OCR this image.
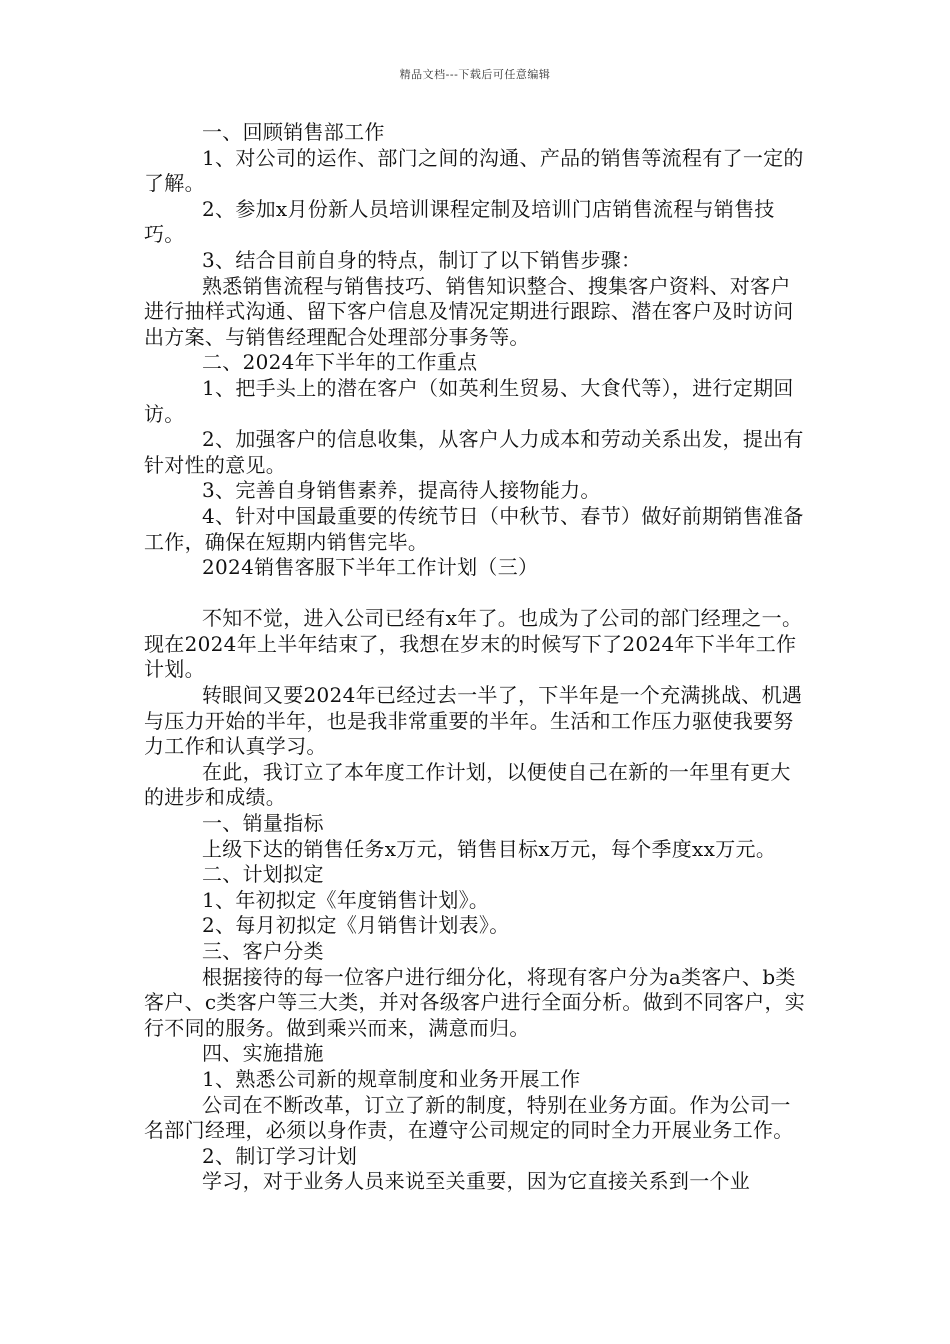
精品文档---下载后可任意编辑

一、回顾销售部工作

1、对公司的运作、部门之间的沟通、产品的销售等流程有了一定的了解。

2、参加x月份新人员培训课程定制及培训门店销售流程与销售技巧。

3、结合目前自身的特点，制订了以下销售步骤：

熟悉销售流程与销售技巧、销售知识整合、搜集客户资料、对客户进行抽样式沟通、留下客户信息及情况定期进行跟踪、潜在客户及时访问出方案、与销售经理配合处理部分事务等。

二、2024年下半年的工作重点

1、把手头上的潜在客户（如英利生贸易、大食代等），进行定期回访。

2、加强客户的信息收集，从客户人力成本和劳动关系出发，提出有针对性的意见。

3、完善自身销售素养，提高待人接物能力。

4、针对中国最重要的传统节日（中秋节、春节）做好前期销售准备工作，确保在短期内销售完毕。

2024销售客服下半年工作计划（三）

不知不觉，进入公司已经有x年了。也成为了公司的部门经理之一。现在2024年上半年结束了，我想在岁末的时候写下了2024年下半年工作计划。

转眼间又要2024年已经过去一半了，下半年是一个充满挑战、机遇与压力开始的半年，也是我非常重要的半年。生活和工作压力驱使我要努力工作和认真学习。

在此，我订立了本年度工作计划，以便使自己在新的一年里有更大的进步和成绩。

一、销量指标

上级下达的销售任务x万元，销售目标x万元，每个季度xx万元。

二、计划拟定

1、年初拟定《年度销售计划》。

2、每月初拟定《月销售计划表》。

三、客户分类

根据接待的每一位客户进行细分化，将现有客户分为a类客户、b类客户、c类客户等三大类，并对各级客户进行全面分析。做到不同客户，实行不同的服务。做到乘兴而来，满意而归。

四、实施措施

1、熟悉公司新的规章制度和业务开展工作

公司在不断改革，订立了新的制度，特别在业务方面。作为公司一名部门经理，必须以身作责，在遵守公司规定的同时全力开展业务工作。

2、制订学习计划

学习，对于业务人员来说至关重要，因为它直接关系到一个业
